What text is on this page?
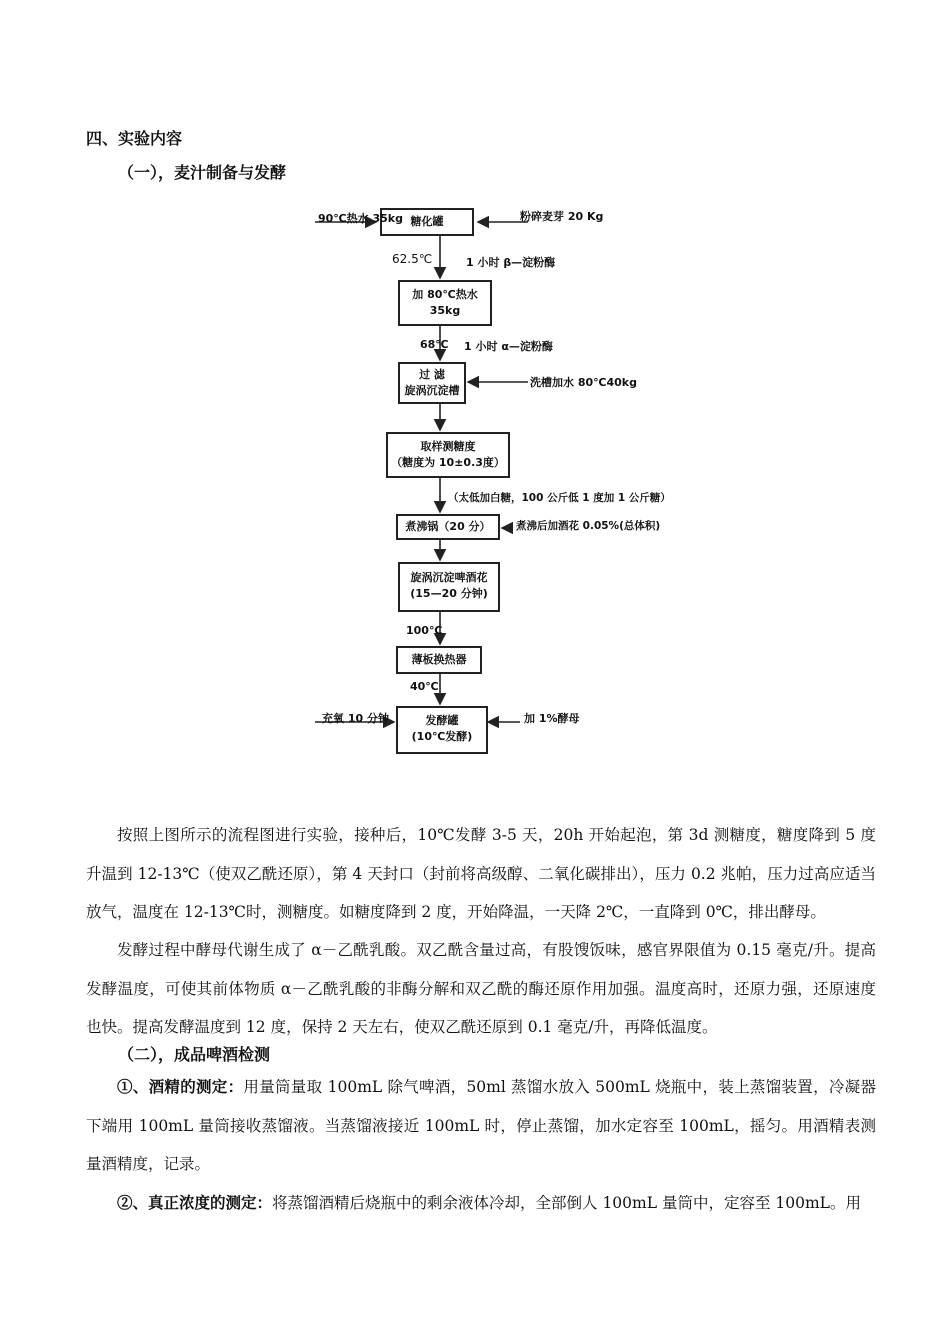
四、实验内容
（一），麦汁制备与发酵
糖化罐
90℃热水 35kg	粉碎麦芽 20 Kg
62.5℃	1 小时 β—淀粉酶
加 80℃热水
35kg
68℃ 1 小时 α—淀粉酶
过 滤
旋涡沉淀槽
洗槽加水 80℃40kg
取样测糖度
（糖度为 10±0.3度）
（太低加白糖，100 公斤低 1 度加 1 公斤糖）
煮沸锅（20 分）	煮沸后加酒花 0.05%(总体积)
旋涡沉淀啤酒花
(15—20 分钟)
100℃
薄板换热器
40℃
发酵罐
(10℃发酵)
充氧 10 分钟	加 1%酵母
按照上图所示的流程图进行实验，接种后，10℃发酵 3-5 天，20h 开始起泡，第 3d 测糖度，糖度降到 5 度升温到 12-13℃（使双乙酰还原），第 4 天封口（封前将高级醇、二氧化碳排出），压力 0.2 兆帕，压力过高应适当放气，温度在 12-13℃时，测糖度。如糖度降到 2 度，开始降温，一天降 2℃，一直降到 0℃，排出酵母。
发酵过程中酵母代谢生成了 α－乙酰乳酸。双乙酰含量过高，有股馊饭味，感官界限值为 0.15 毫克/升。提高发酵温度，可使其前体物质 α－乙酰乳酸的非酶分解和双乙酰的酶还原作用加强。温度高时，还原力强，还原速度也快。提高发酵温度到 12 度，保持 2 天左右，使双乙酰还原到 0.1 毫克/升，再降低温度。
（二），成品啤酒检测
①、酒精的测定：用量筒量取 100mL 除气啤酒，50ml 蒸馏水放入 500mL 烧瓶中，装上蒸馏装置，冷凝器下端用 100mL 量筒接收蒸馏液。当蒸馏液接近 100mL 时，停止蒸馏，加水定容至 100mL，摇匀。用酒精表测量酒精度，记录。
②、真正浓度的测定：将蒸馏酒精后烧瓶中的剩余液体冷却，全部倒人 100mL 量筒中，定容至 100mL。用
